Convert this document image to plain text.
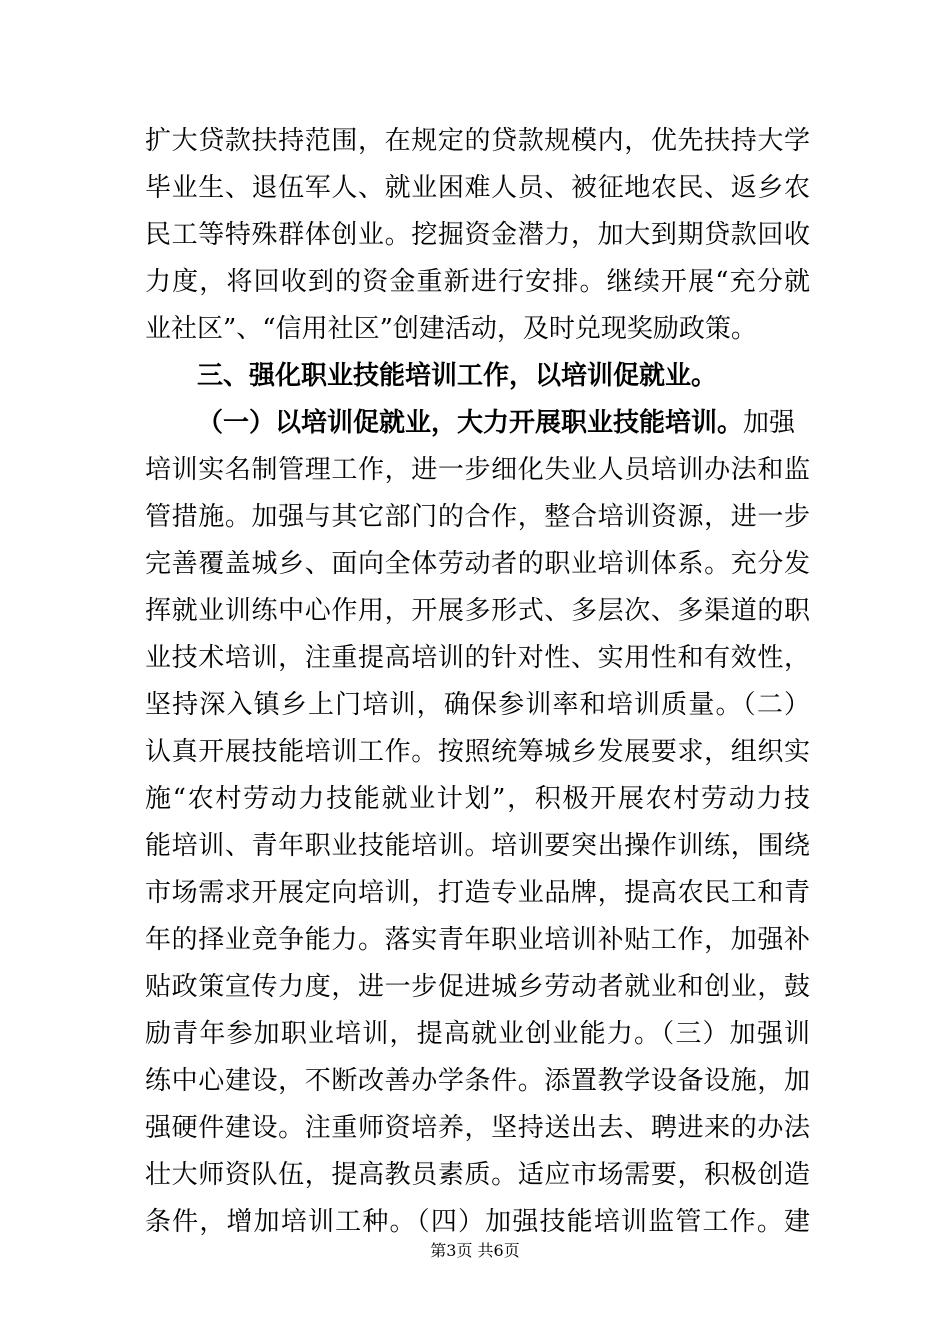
扩大贷款扶持范围，在规定的贷款规模内，优先扶持大学
毕业生、退伍军人、就业困难人员、被征地农民、返乡农
民工等特殊群体创业。挖掘资金潜力，加大到期贷款回收
力度，将回收到的资金重新进行安排。继续开展“充分就
业社区”、“信用社区”创建活动，及时兑现奖励政策。
三、强化职业技能培训工作，以培训促就业。
（一）以培训促就业，大力开展职业技能培训。加强
培训实名制管理工作，进一步细化失业人员培训办法和监
管措施。加强与其它部门的合作，整合培训资源，进一步
完善覆盖城乡、面向全体劳动者的职业培训体系。充分发
挥就业训练中心作用，开展多形式、多层次、多渠道的职
业技术培训，注重提高培训的针对性、实用性和有效性，
坚持深入镇乡上门培训，确保参训率和培训质量。（二）
认真开展技能培训工作。按照统筹城乡发展要求，组织实
施“农村劳动力技能就业计划”，积极开展农村劳动力技
能培训、青年职业技能培训。培训要突出操作训练，围绕
市场需求开展定向培训，打造专业品牌，提高农民工和青
年的择业竞争能力。落实青年职业培训补贴工作，加强补
贴政策宣传力度，进一步促进城乡劳动者就业和创业，鼓
励青年参加职业培训，提高就业创业能力。（三）加强训
练中心建设，不断改善办学条件。添置教学设备设施，加
强硬件建设。注重师资培养，坚持送出去、聘进来的办法
壮大师资队伍，提高教员素质。适应市场需要，积极创造
条件，增加培训工种。（四）加强技能培训监管工作。建
第3页 共6页
